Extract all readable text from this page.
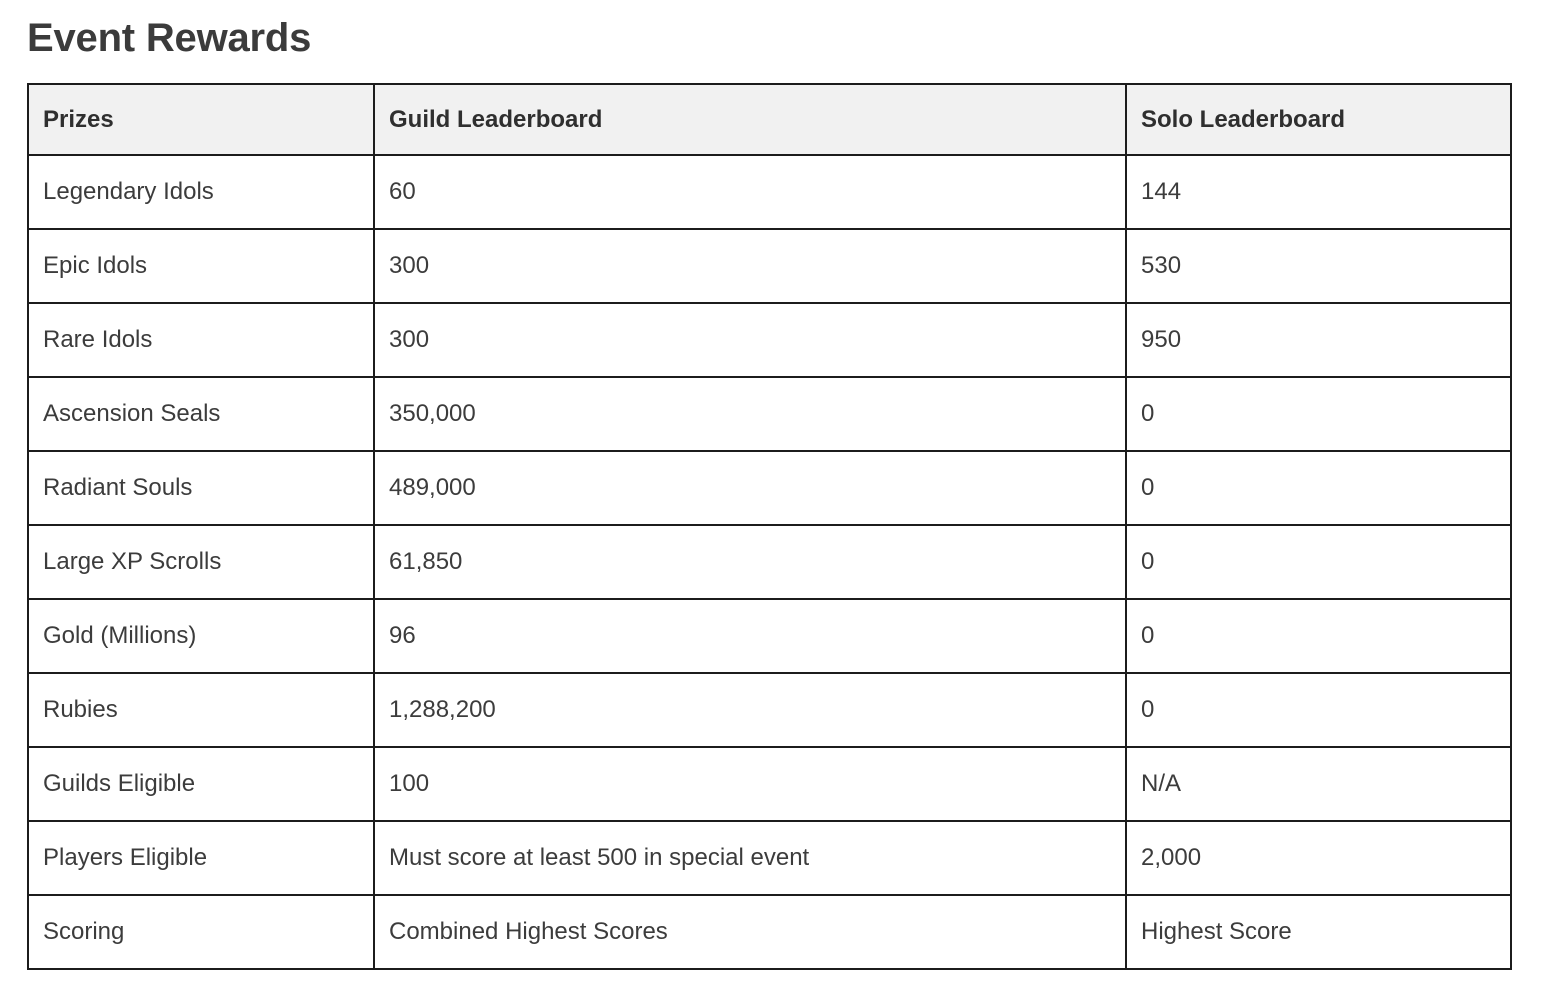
Event Rewards
Prizes	Guild Leaderboard	Solo Leaderboard
Legendary Idols	60	144
Epic Idols	300	530
Rare Idols	300	950
Ascension Seals	350,000	0
Radiant Souls	489,000	0
Large XP Scrolls	61,850	0
Gold (Millions)	96	0
Rubies	1,288,200	0
Guilds Eligible	100	N/A
Players Eligible	Must score at least 500 in special event	2,000
Scoring	Combined Highest Scores	Highest Score
